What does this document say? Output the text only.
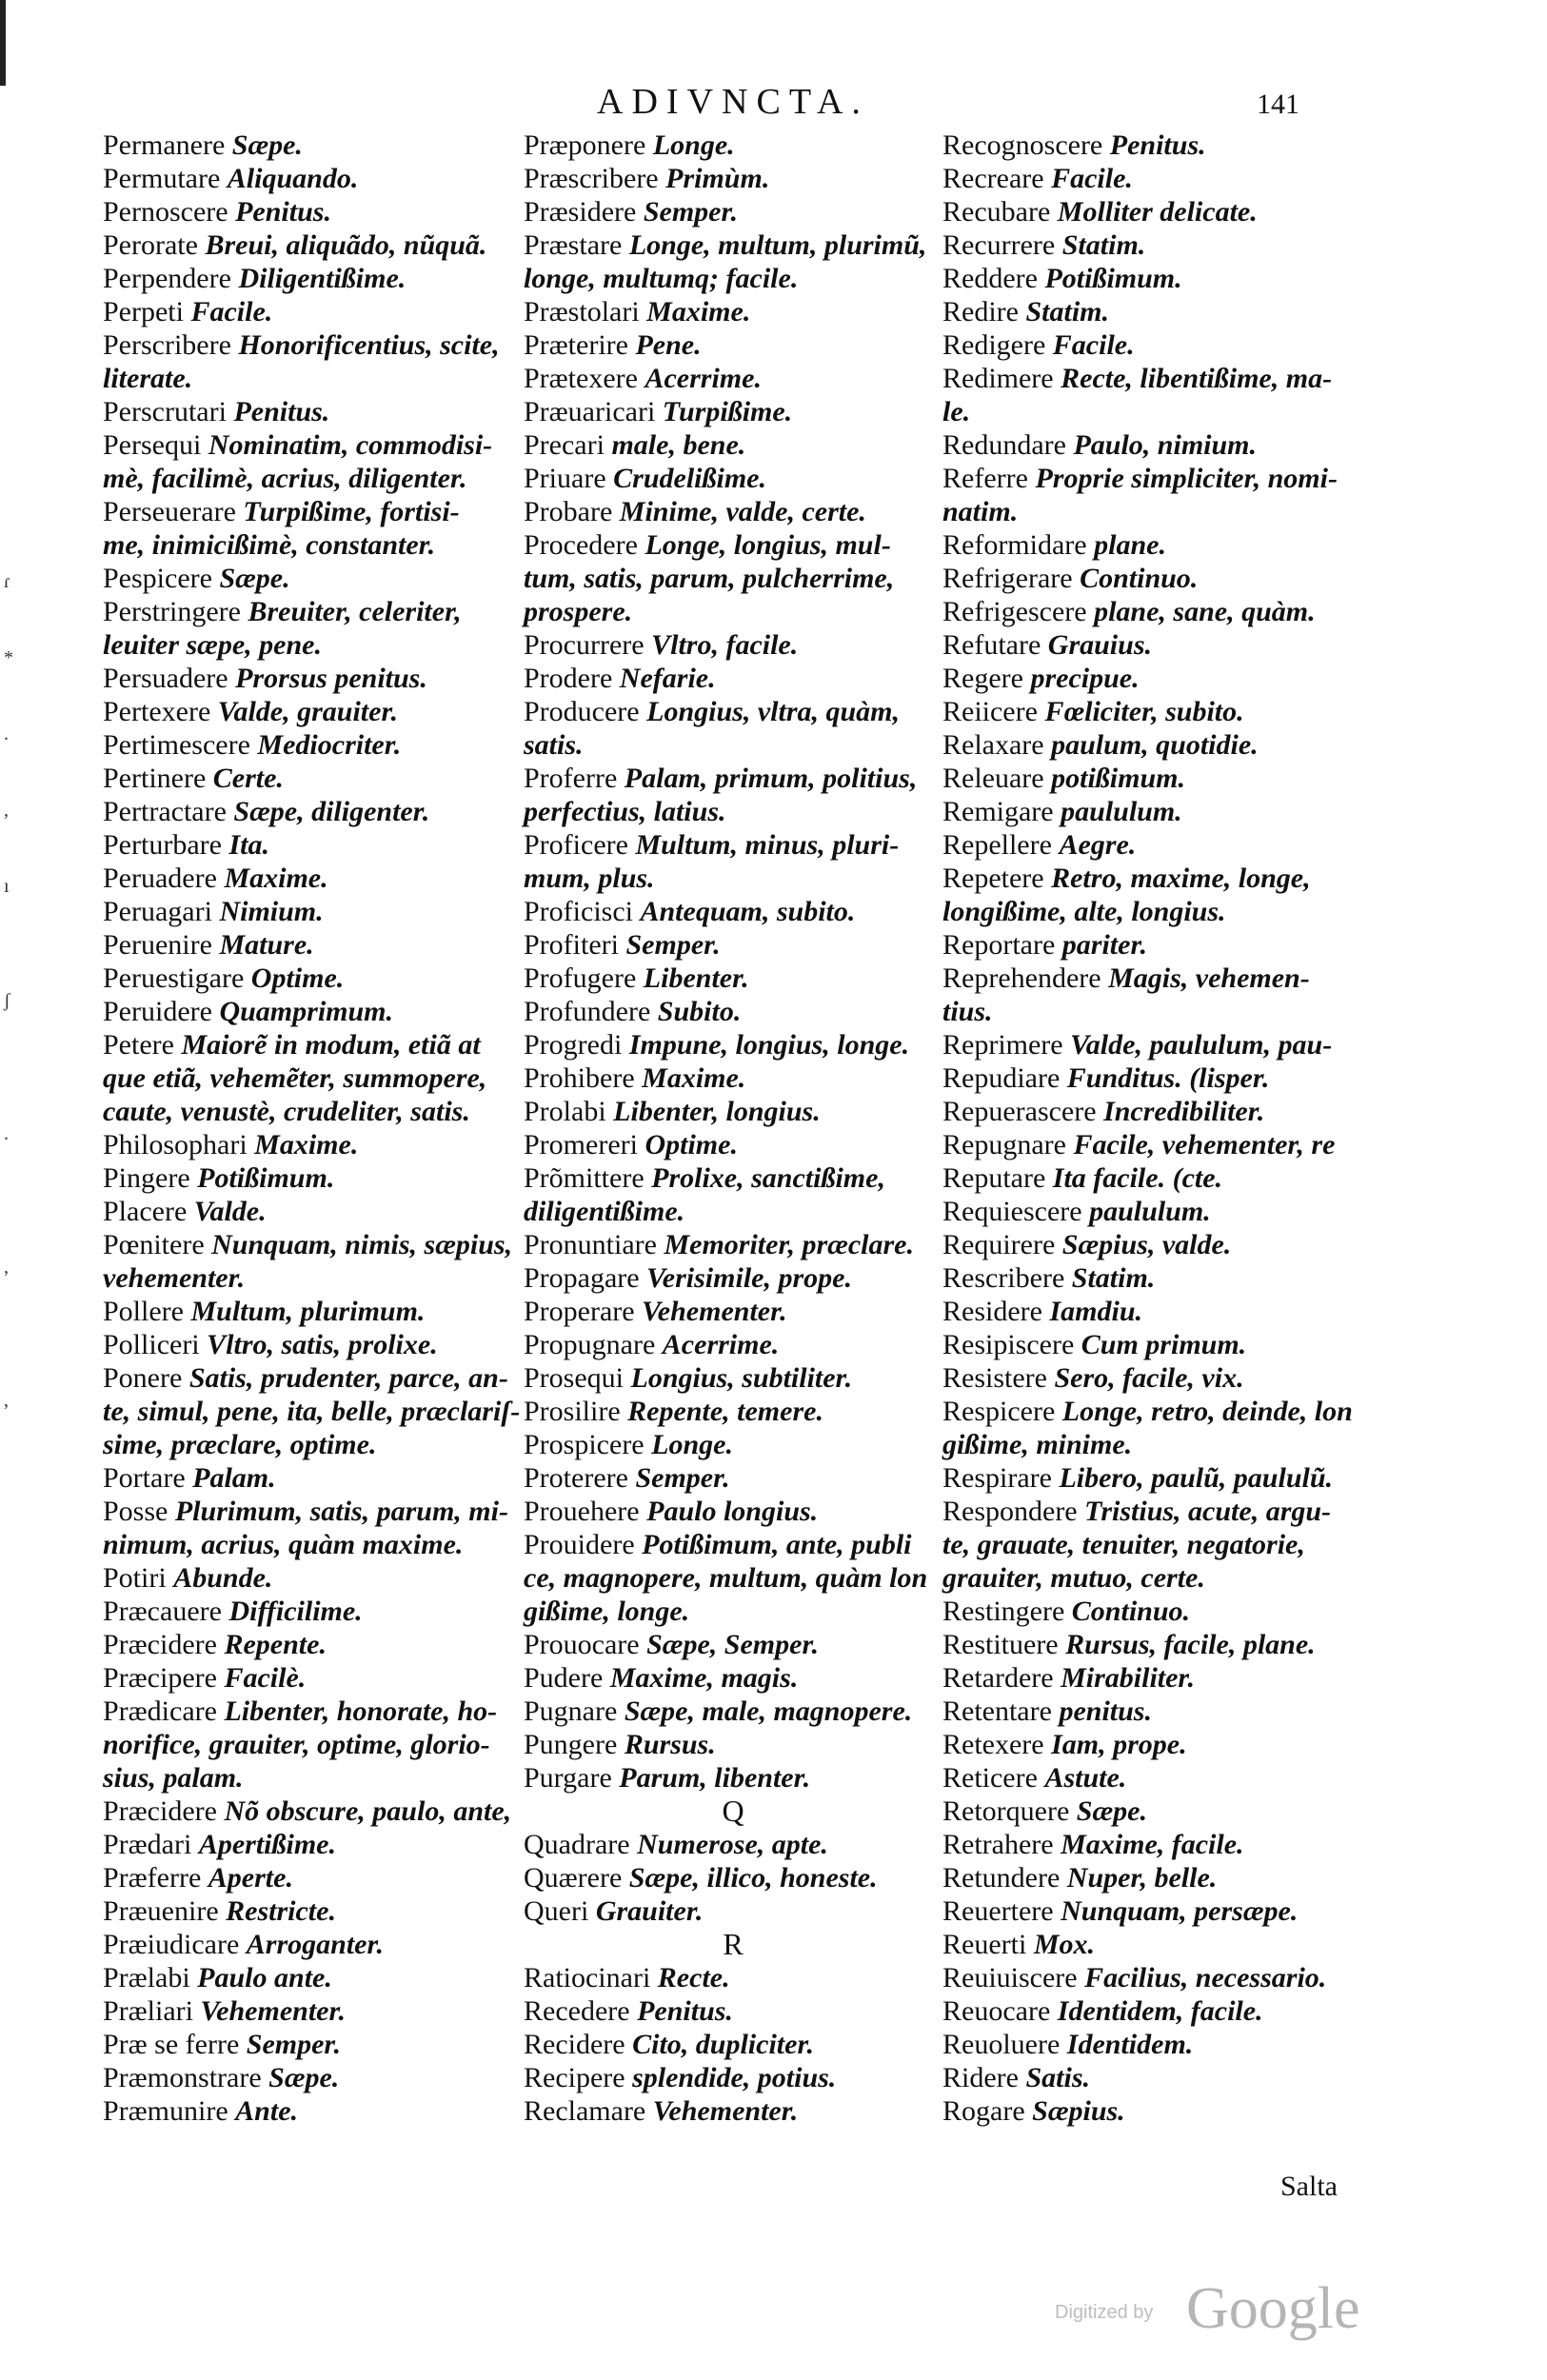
ɾ
*
.
,
ı
ʃ
.
,
,
ADIVNCTA.	141
Permanere Sæpe.
Permutare Aliquando.
Pernoscere Penitus.
Perorate Breui, aliquãdo, nũquã.
Perpendere Diligentißime.
Perpeti Facile.
Perscribere Honorificentius, scite,
literate.
Perscrutari Penitus.
Persequi Nominatim, commodisi-
mè, facilimè, acrius, diligenter.
Perseuerare Turpißime, fortisi-
me, inimicißimè, constanter.
Pespicere Sæpe.
Perstringere Breuiter, celeriter,
leuiter sæpe, pene.
Persuadere Prorsus penitus.
Pertexere Valde, grauiter.
Pertimescere Mediocriter.
Pertinere Certe.
Pertractare Sæpe, diligenter.
Perturbare Ita.
Peruadere Maxime.
Peruagari Nimium.
Peruenire Mature.
Peruestigare Optime.
Peruidere Quamprimum.
Petere Maiorẽ in modum, etiã at
que etiã, vehemẽter, summopere,
caute, venustè, crudeliter, satis.
Philosophari Maxime.
Pingere Potißimum.
Placere Valde.
Pœnitere Nunquam, nimis, sæpius,
vehementer.
Pollere Multum, plurimum.
Polliceri Vltro, satis, prolixe.
Ponere Satis, prudenter, parce, an-
te, simul, pene, ita, belle, præclariſ-
sime, præclare, optime.
Portare Palam.
Posse Plurimum, satis, parum, mi-
nimum, acrius, quàm maxime.
Potiri Abunde.
Præcauere Difficilime.
Præcidere Repente.
Præcipere Facilè.
Prædicare Libenter, honorate, ho-
norifice, grauiter, optime, glorio-
sius, palam.
Præcidere Nõ obscure, paulo, ante,
Prædari Apertißime.
Præferre Aperte.
Præuenire Restricte.
Præiudicare Arroganter.
Prælabi Paulo ante.
Præliari Vehementer.
Præ se ferre Semper.
Præmonstrare Sæpe.
Præmunire Ante.
Præponere Longe.
Præscribere Primùm.
Præsidere Semper.
Præstare Longe, multum, plurimũ,
longe, multumq; facile.
Præstolari Maxime.
Præterire Pene.
Prætexere Acerrime.
Præuaricari Turpißime.
Precari male, bene.
Priuare Crudelißime.
Probare Minime, valde, certe.
Procedere Longe, longius, mul-
tum, satis, parum, pulcherrime,
prospere.
Procurrere Vltro, facile.
Prodere Nefarie.
Producere Longius, vltra, quàm,
satis.
Proferre Palam, primum, politius,
perfectius, latius.
Proficere Multum, minus, pluri-
mum, plus.
Proficisci Antequam, subito.
Profiteri Semper.
Profugere Libenter.
Profundere Subito.
Progredi Impune, longius, longe.
Prohibere Maxime.
Prolabi Libenter, longius.
Promereri Optime.
Prõmittere Prolixe, sanctißime,
diligentißime.
Pronuntiare Memoriter, præclare.
Propagare Verisimile, prope.
Properare Vehementer.
Propugnare Acerrime.
Prosequi Longius, subtiliter.
Prosilire Repente, temere.
Prospicere Longe.
Proterere Semper.
Prouehere Paulo longius.
Prouidere Potißimum, ante, publi
ce, magnopere, multum, quàm lon
gißime, longe.
Prouocare Sæpe, Semper.
Pudere Maxime, magis.
Pugnare Sæpe, male, magnopere.
Pungere Rursus.
Purgare Parum, libenter.
Q
Quadrare Numerose, apte.
Quærere Sæpe, illico, honeste.
Queri Grauiter.
R
Ratiocinari Recte.
Recedere Penitus.
Recidere Cito, dupliciter.
Recipere splendide, potius.
Reclamare Vehementer.
Recognoscere Penitus.
Recreare Facile.
Recubare Molliter delicate.
Recurrere Statim.
Reddere Potißimum.
Redire Statim.
Redigere Facile.
Redimere Recte, libentißime, ma-
le.
Redundare Paulo, nimium.
Referre Proprie simpliciter, nomi-
natim.
Reformidare plane.
Refrigerare Continuo.
Refrigescere plane, sane, quàm.
Refutare Grauius.
Regere precipue.
Reiicere Fœliciter, subito.
Relaxare paulum, quotidie.
Releuare potißimum.
Remigare paululum.
Repellere Aegre.
Repetere Retro, maxime, longe,
longißime, alte, longius.
Reportare pariter.
Reprehendere Magis, vehemen-
tius.
Reprimere Valde, paululum, pau-
Repudiare Funditus. (lisper.
Repuerascere Incredibiliter.
Repugnare Facile, vehementer, re
Reputare Ita facile. (cte.
Requiescere paululum.
Requirere Sæpius, valde.
Rescribere Statim.
Residere Iamdiu.
Resipiscere Cum primum.
Resistere Sero, facile, vix.
Respicere Longe, retro, deinde, lon
gißime, minime.
Respirare Libero, paulũ, paululũ.
Respondere Tristius, acute, argu-
te, grauate, tenuiter, negatorie,
grauiter, mutuo, certe.
Restingere Continuo.
Restituere Rursus, facile, plane.
Retardere Mirabiliter.
Retentare penitus.
Retexere Iam, prope.
Reticere Astute.
Retorquere Sæpe.
Retrahere Maxime, facile.
Retundere Nuper, belle.
Reuertere Nunquam, persæpe.
Reuerti Mox.
Reuiuiscere Facilius, necessario.
Reuocare Identidem, facile.
Reuoluere Identidem.
Ridere Satis.
Rogare Sæpius.
Salta
Digitized by Google
